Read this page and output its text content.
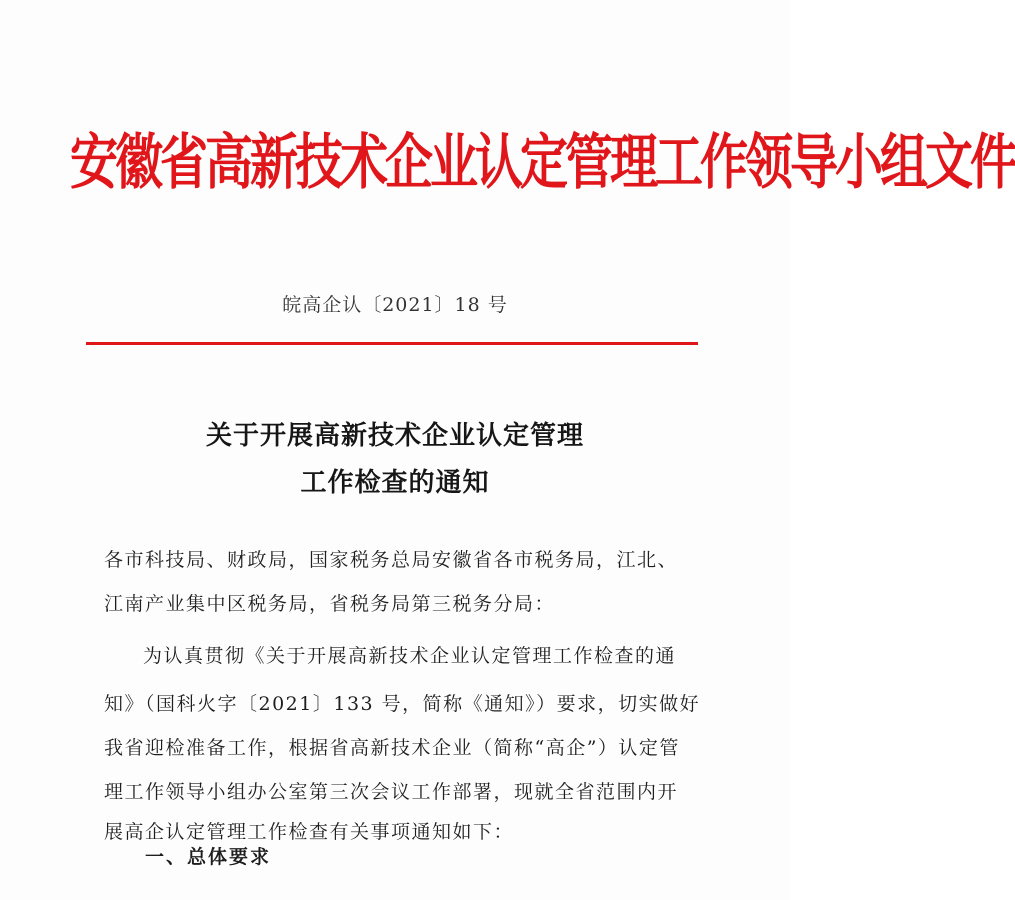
安徽省高新技术企业认定管理工作领导小组文件
皖高企认〔2021〕18 号
关于开展高新技术企业认定管理
工作检查的通知
各市科技局、财政局，国家税务总局安徽省各市税务局，江北、
江南产业集中区税务局，省税务局第三税务分局：
为认真贯彻《关于开展高新技术企业认定管理工作检查的通
知》（国科火字〔2021〕133 号，简称《通知》）要求，切实做好
我省迎检准备工作，根据省高新技术企业（简称“高企”）认定管
理工作领导小组办公室第三次会议工作部署，现就全省范围内开
展高企认定管理工作检查有关事项通知如下：
一、总体要求
